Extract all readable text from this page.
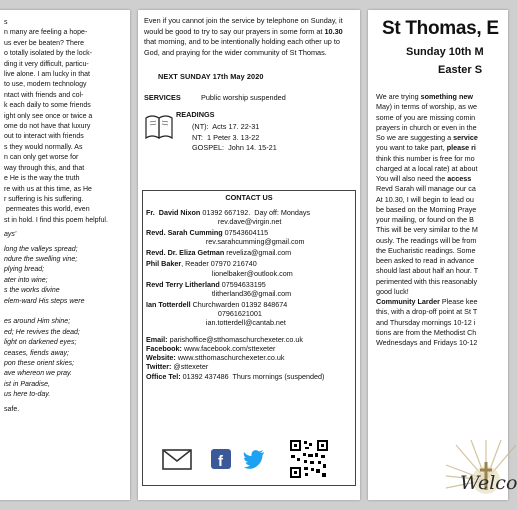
s
n many are feeling a hope-
us ever be beaten? There
o totally isolated by the lock-
ding it very difficult, particu-
live alone. I am lucky in that
to use, modern technology
ntact with friends and col-
k each daily to some friends
ight only see once or twice a
ome do not have that luxury
out to interact with friends
s they would normally. As
n can only get worse for
way through this, and that
e He is the way the truth
re with us at this time, as He
r suffering is his suffering.
permeates this world, even
st in hold. I find this poem helpful.
ays'
long the valleys spread;
ndure the swelling vine;
plying bread;
ater into wine;
s the works divine
elem-ward His steps were

es around Him shine;
ed; He revives the dead;
light on darkened eyes;
ceases, fiends away;
pon these orient skies;
ave whereon we pray.
ist in Paradise,
us here to-day.
safe.
Even if you cannot join the service by telephone on Sunday, it would be good to try to say our prayers in some form at 10.30 that morning, and to be intentionally holding each other up to God, and praying for the wider community of St Thomas.
NEXT SUNDAY 17th May 2020
SERVICES	Public worship suspended
READINGS
(NT):  Acts 17. 22-31
NT:  1 Peter 3. 13-22
GOSPEL:  John 14. 15-21
CONTACT US
Fr.  David Nixon 01392 667192.  Day off: Mondays
rev.dave@virgin.net
Revd. Sarah Cumming 07543604115
rev.sarahcumming@gmail.com
Revd. Dr. Eliza Getman reveliza@gmail.com
Phil Baker, Reader 07970 216740
lionelbaker@outlook.com
Revd Terry Litherland 07594633195
tlitherland36@gmail.com
Ian Totterdell Churchwarden 01392 848674
07961621001
ian.totterdell@cantab.net
Email: parishoffice@stthomaschurchexeter.co.uk
Facebook: www.facebook.com/sttexeter
Website: www.stthomaschurchexeter.co.uk
Twitter: @sttexeter
Office Tel: 01392 437486  Thurs mornings (suspended)
f
St Thomas, E
Sunday 10th M
Easter S
We are trying something new
May) in terms of worship, as we
some of you are missing comin
prayers in church or even in the
So we are suggesting a service
you want to take part, please ri
think this number is free for mo
charged at a local rate) at about
You will also need the access
Revd Sarah will manage our ca
At 10.30, I will begin to lead ou
be based on the Morning Praye
your mailing, or found on the B
This will be very similar to the M
ously. The readings will be from
the Eucharistic readings. Some
been asked to read in advance
should last about half an hour. T
perimented with this reasonably
good luck!
Community Larder Please kee
this, with a drop-off point at St T
and Thursday mornings 10-12 i
tions are from the Methodist Ch
Wednesdays and Fridays 10-12
Welco
